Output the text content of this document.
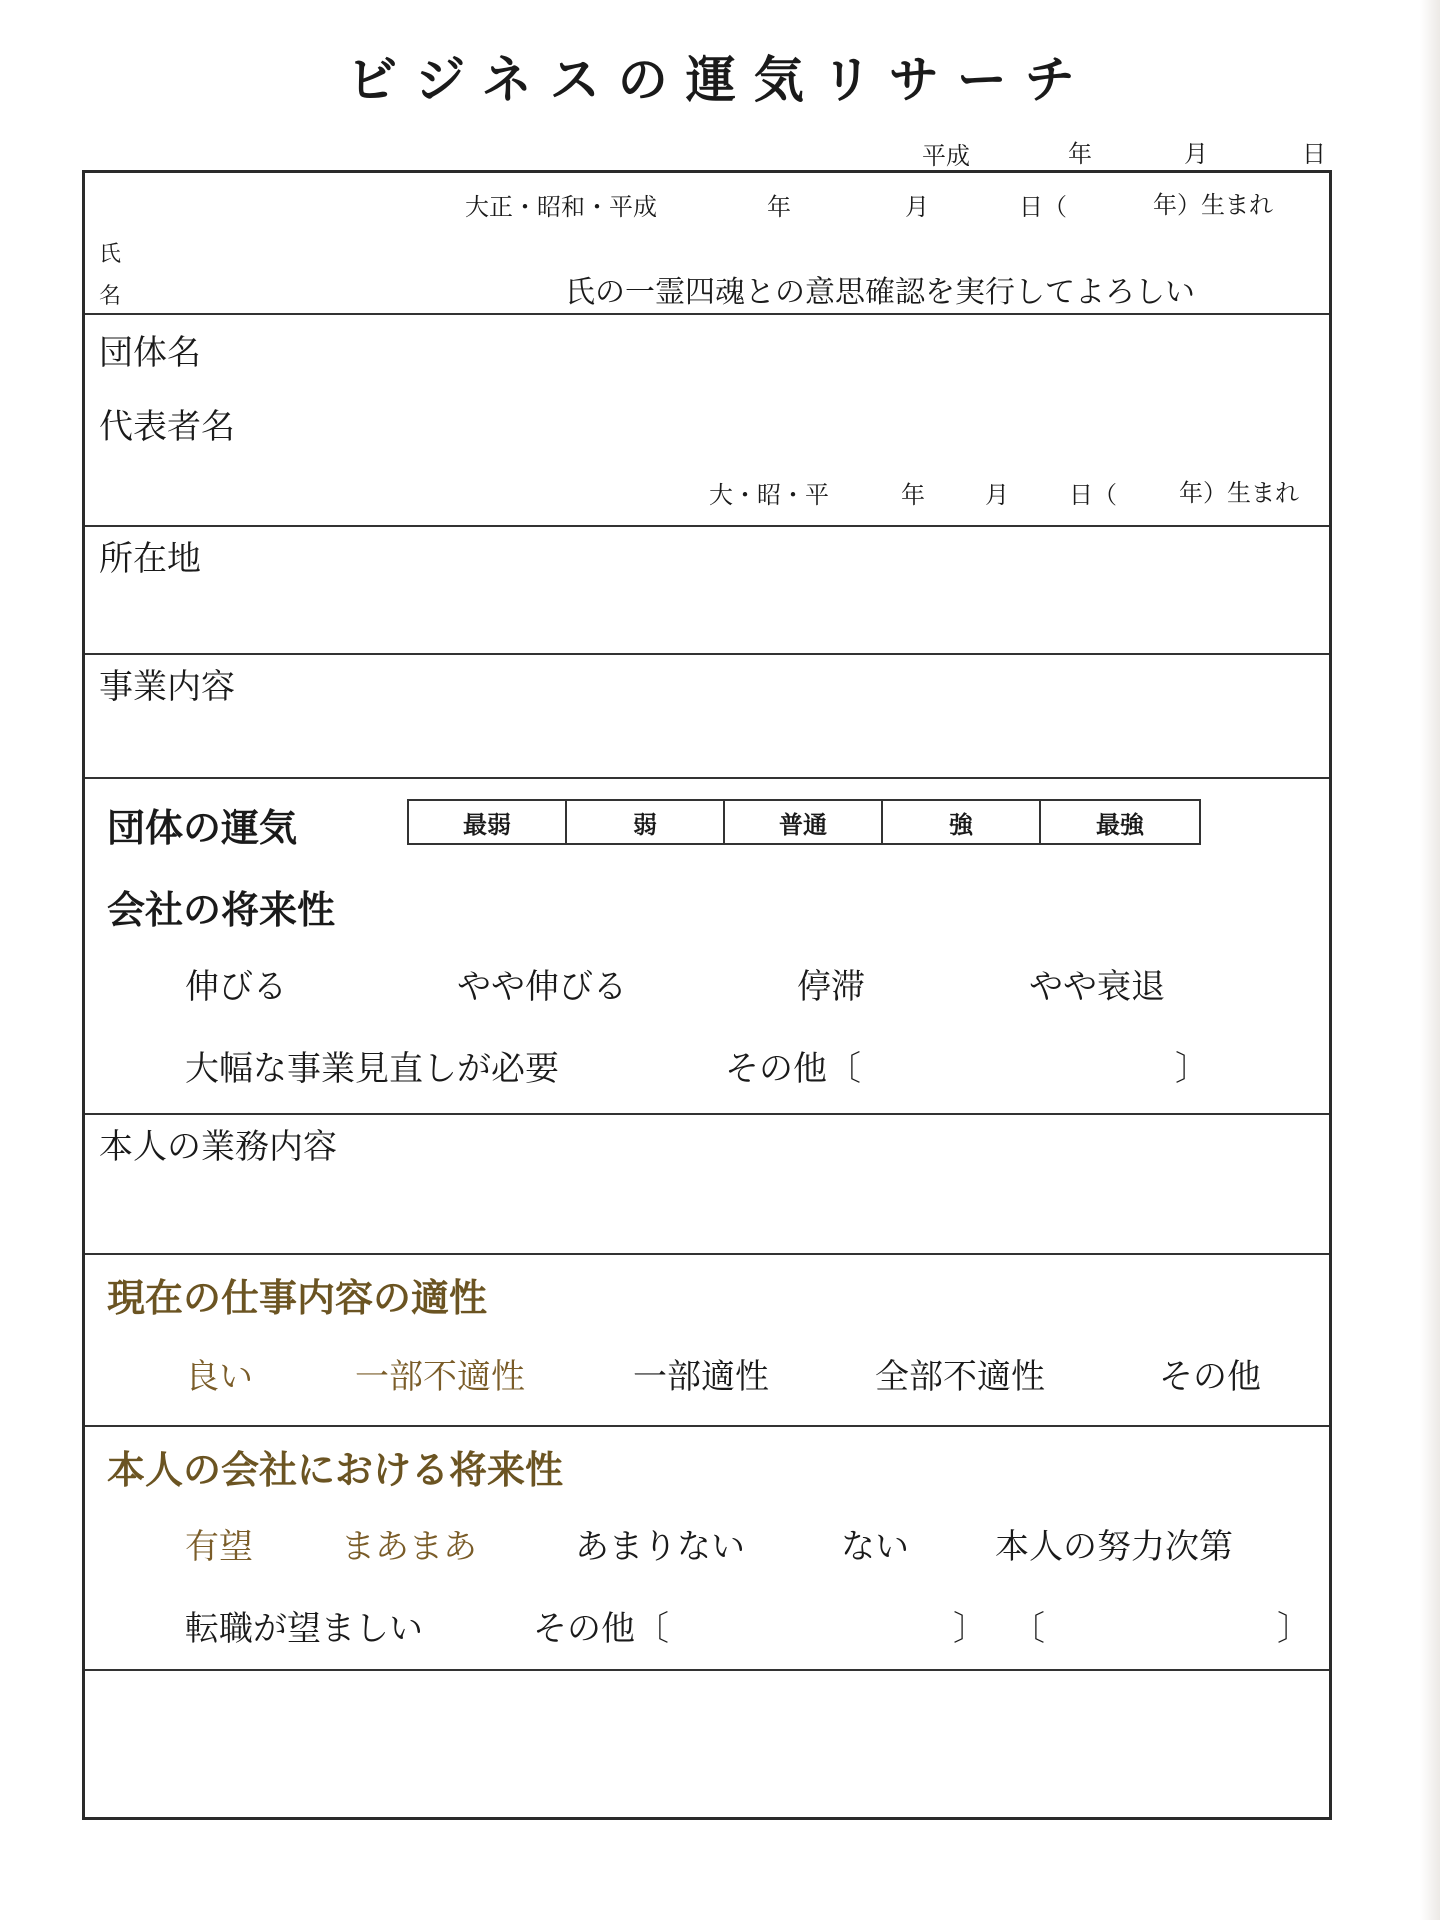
ビジネスの運気リサーチ
平成	年	月	日
大正・昭和・平成	年	月	日（	年）生まれ
氏
名	氏の一霊四魂との意思確認を実行してよろしい
団体名
代表者名
大・昭・平	年	月	日（	年）生まれ
所在地
事業内容
団体の運気	最弱	弱	普通	強	最強
会社の将来性
伸びる	やや伸びる	停滞	やや衰退
大幅な事業見直しが必要	その他〔	〕
本人の業務内容
現在の仕事内容の適性
良い	一部不適性	一部適性	全部不適性	その他
本人の会社における将来性
有望	まあまあ	あまりない	ない	本人の努力次第
転職が望ましい	その他〔	〕 〔	〕
